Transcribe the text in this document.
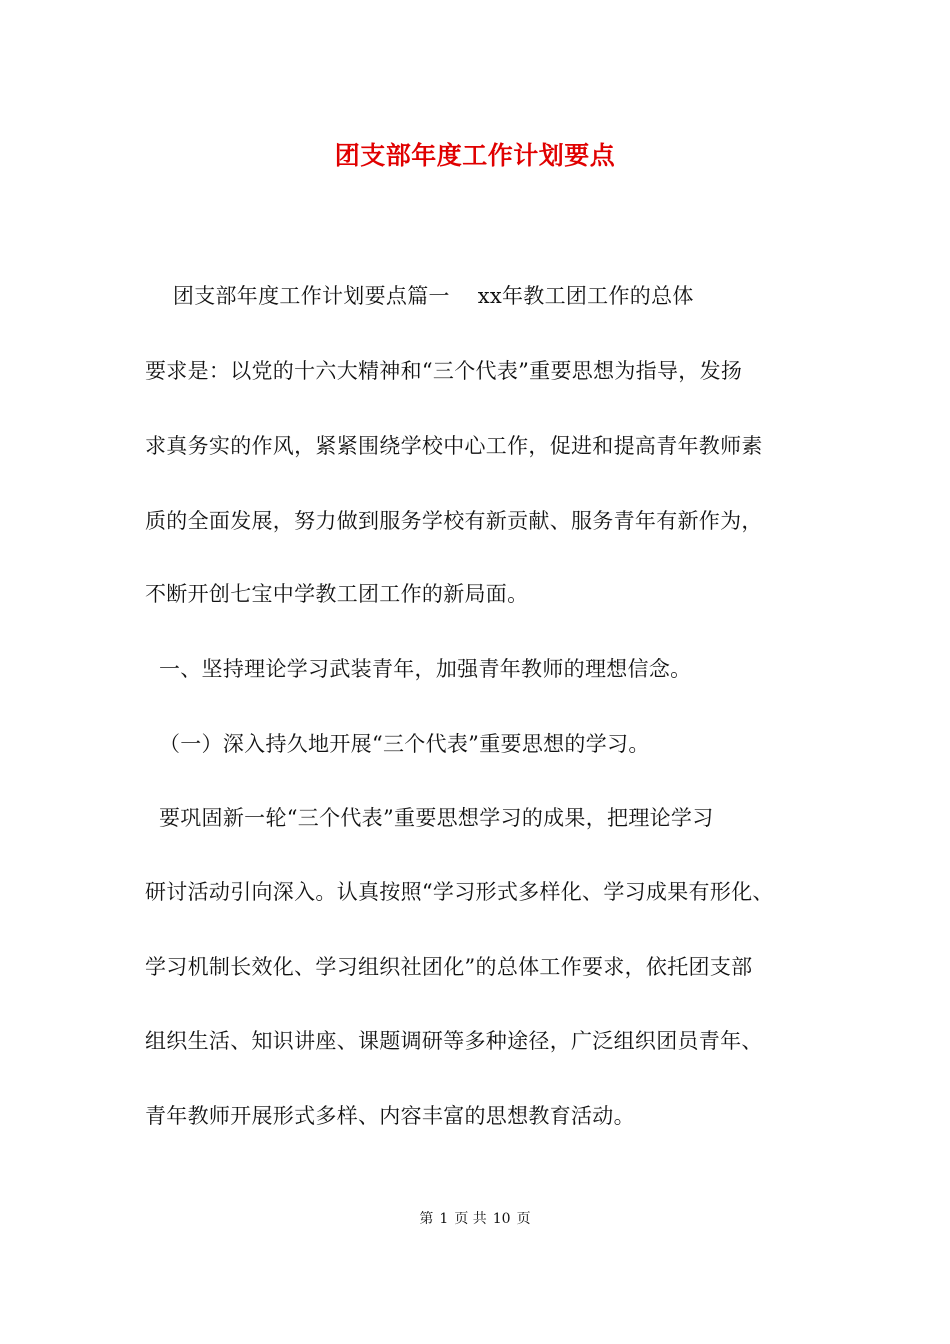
团支部年度工作计划要点
团支部年度工作计划要点篇一    xx年教工团工作的总体
要求是：以党的十六大精神和“三个代表”重要思想为指导，发扬
求真务实的作风，紧紧围绕学校中心工作，促进和提高青年教师素
质的全面发展，努力做到服务学校有新贡献、服务青年有新作为，
不断开创七宝中学教工团工作的新局面。
一、坚持理论学习武装青年，加强青年教师的理想信念。
（一）深入持久地开展“三个代表”重要思想的学习。
要巩固新一轮“三个代表”重要思想学习的成果，把理论学习
研讨活动引向深入。认真按照“学习形式多样化、学习成果有形化、
学习机制长效化、学习组织社团化”的总体工作要求，依托团支部
组织生活、知识讲座、课题调研等多种途径，广泛组织团员青年、
青年教师开展形式多样、内容丰富的思想教育活动。
第 1 页 共 10 页
